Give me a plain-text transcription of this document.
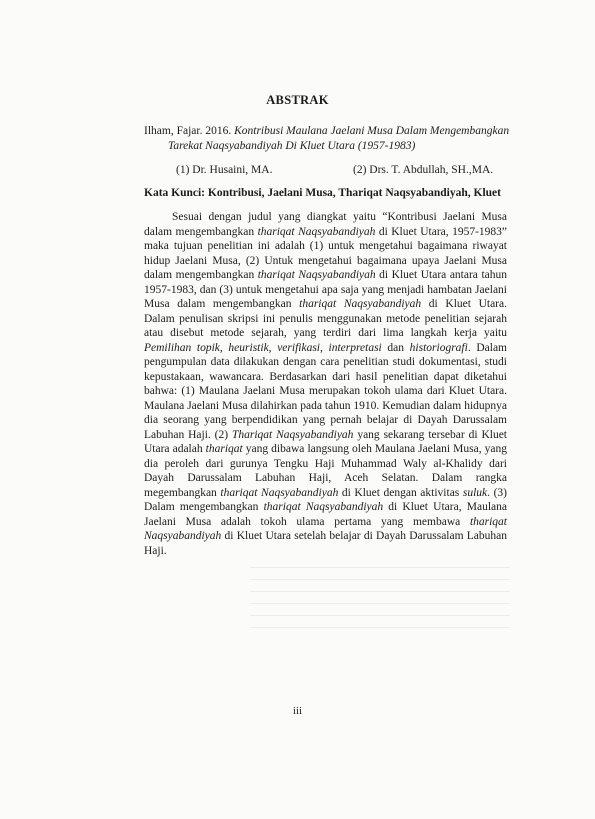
ABSTRAK
Ilham, Fajar. 2016. Kontribusi Maulana Jaelani Musa Dalam Mengembangkan
Tarekat Naqsyabandiyah Di Kluet Utara (1957-1983)
(1) Dr. Husaini, MA.	(2) Drs. T. Abdullah, SH.,MA.
Kata Kunci: Kontribusi, Jaelani Musa, Thariqat Naqsyabandiyah, Kluet
Sesuai dengan judul yang diangkat yaitu “Kontribusi Jaelani Musa dalam mengembangkan thariqat Naqsyabandiyah di Kluet Utara, 1957-1983” maka tujuan penelitian ini adalah (1) untuk mengetahui bagaimana riwayat hidup Jaelani Musa, (2) Untuk mengetahui bagaimana upaya Jaelani Musa dalam mengembangkan thariqat Naqsyabandiyah di Kluet Utara antara tahun 1957-1983, dan (3) untuk mengetahui apa saja yang menjadi hambatan Jaelani Musa dalam mengembangkan thariqat Naqsyabandiyah di Kluet Utara. Dalam penulisan skripsi ini penulis menggunakan metode penelitian sejarah atau disebut metode sejarah, yang terdiri dari lima langkah kerja yaitu Pemilihan topik, heuristik, verifikasi, interpretasi dan historiografi. Dalam pengumpulan data dilakukan dengan cara penelitian studi dokumentasi, studi kepustakaan, wawancara. Berdasarkan dari hasil penelitian dapat diketahui bahwa: (1) Maulana Jaelani Musa merupakan tokoh ulama dari Kluet Utara. Maulana Jaelani Musa dilahirkan pada tahun 1910. Kemudian dalam hidupnya dia seorang yang berpendidikan yang pernah belajar di Dayah Darussalam Labuhan Haji. (2) Thariqat Naqsyabandiyah yang sekarang tersebar di Kluet Utara adalah thariqat yang dibawa langsung oleh Maulana Jaelani Musa, yang dia peroleh dari gurunya Tengku Haji Muhammad Waly al-Khalidy dari Dayah Darussalam Labuhan Haji, Aceh Selatan. Dalam rangka megembangkan thariqat Naqsyabandiyah di Kluet dengan aktivitas suluk. (3) Dalam mengembangkan thariqat Naqsyabandiyah di Kluet Utara, Maulana Jaelani Musa adalah tokoh ulama pertama yang membawa thariqat Naqsyabandiyah di Kluet Utara setelah belajar di Dayah Darussalam Labuhan Haji.
iii
